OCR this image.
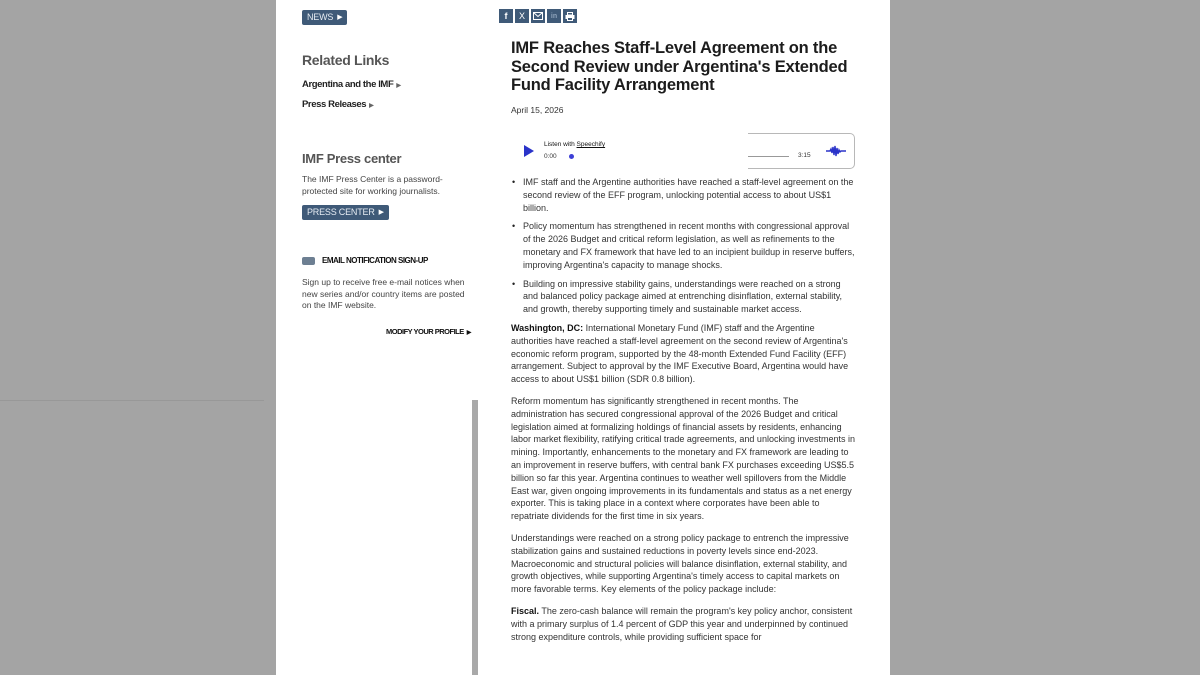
NEWS ▶
Related Links
Argentina and the IMF ▶
Press Releases ▶
IMF Press center
The IMF Press Center is a password-protected site for working journalists.
PRESS CENTER ▶
EMAIL NOTIFICATION SIGN-UP
Sign up to receive free e-mail notices when new series and/or country items are posted on the IMF website.
MODIFY YOUR PROFILE ▶
f X	in
IMF Reaches Staff-Level Agreement on the Second Review under Argentina's Extended Fund Facility Arrangement
April 15, 2026
Listen with Speechify
0:00	3:15
• IMF staff and the Argentine authorities have reached a staff-level agreement on the second review of the EFF program, unlocking potential access to about US$1 billion.
• Policy momentum has strengthened in recent months with congressional approval of the 2026 Budget and critical reform legislation, as well as refinements to the monetary and FX framework that have led to an incipient buildup in reserve buffers, improving Argentina's capacity to manage shocks.
• Building on impressive stability gains, understandings were reached on a strong and balanced policy package aimed at entrenching disinflation, external stability, and growth, thereby supporting timely and sustainable market access.

Washington, DC: International Monetary Fund (IMF) staff and the Argentine authorities have reached a staff-level agreement on the second review of Argentina's economic reform program, supported by the 48-month Extended Fund Facility (EFF) arrangement. Subject to approval by the IMF Executive Board, Argentina would have access to about US$1 billion (SDR 0.8 billion).

Reform momentum has significantly strengthened in recent months. The administration has secured congressional approval of the 2026 Budget and critical legislation aimed at formalizing holdings of financial assets by residents, enhancing labor market flexibility, ratifying critical trade agreements, and unlocking investments in mining. Importantly, enhancements to the monetary and FX framework are leading to an improvement in reserve buffers, with central bank FX purchases exceeding US$5.5 billion so far this year. Argentina continues to weather well spillovers from the Middle East war, given ongoing improvements in its fundamentals and status as a net energy exporter. This is taking place in a context where corporates have been able to repatriate dividends for the first time in six years.

Understandings were reached on a strong policy package to entrench the impressive stabilization gains and sustained reductions in poverty levels since end-2023. Macroeconomic and structural policies will balance disinflation, external stability, and growth objectives, while supporting Argentina's timely access to capital markets on more favorable terms. Key elements of the policy package include:

Fiscal. The zero-cash balance will remain the program's key policy anchor, consistent with a primary surplus of 1.4 percent of GDP this year and underpinned by continued strong expenditure controls, while providing sufficient space for
